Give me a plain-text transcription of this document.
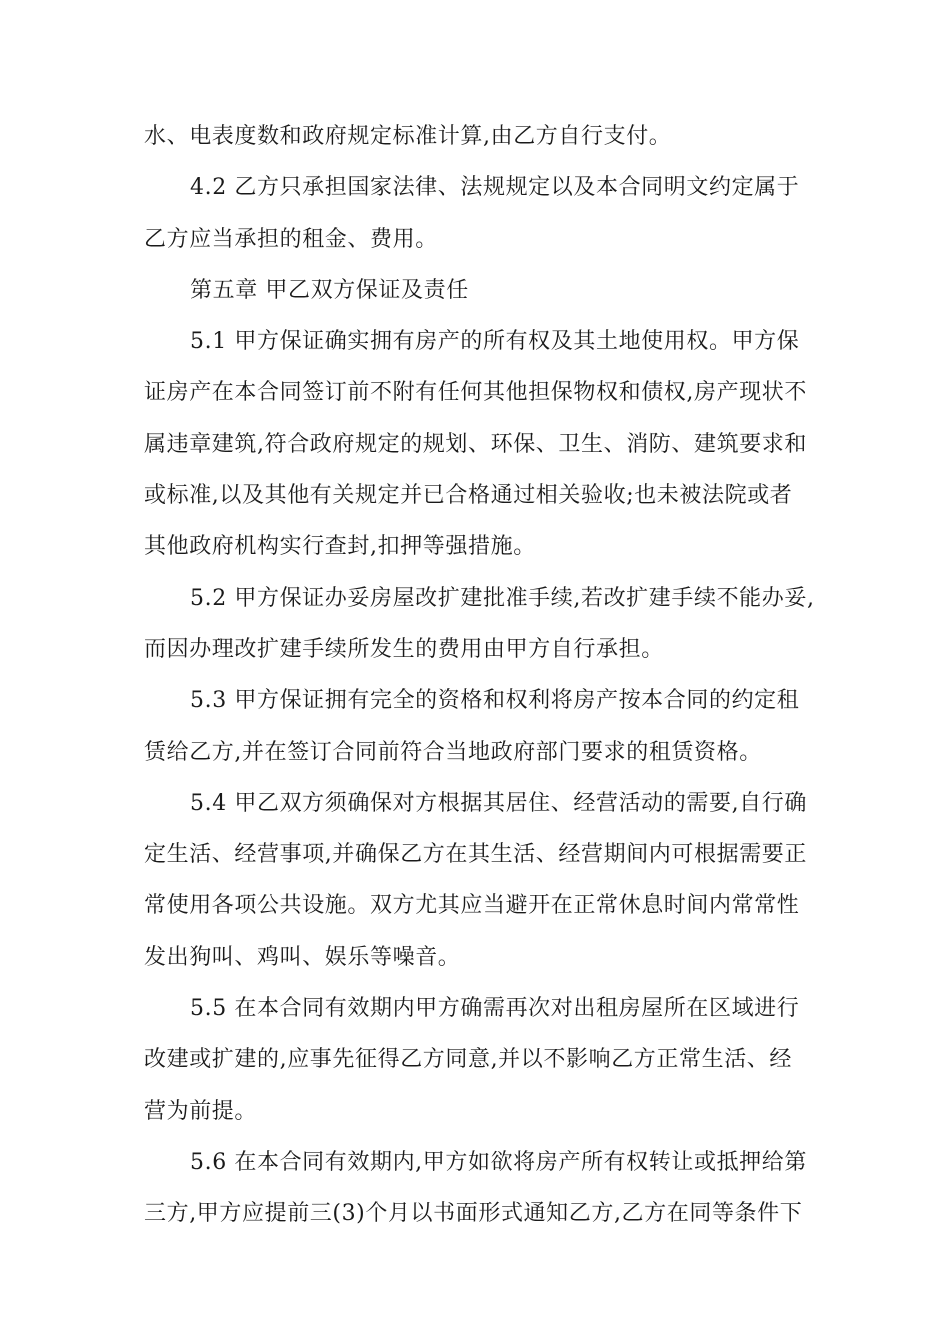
水、电表度数和政府规定标准计算,由乙方自行支付。
4.2 乙方只承担国家法律、法规规定以及本合同明文约定属于
乙方应当承担的租金、费用。
第五章 甲乙双方保证及责任
5.1 甲方保证确实拥有房产的所有权及其土地使用权。甲方保
证房产在本合同签订前不附有任何其他担保物权和债权,房产现状不
属违章建筑,符合政府规定的规划、环保、卫生、消防、建筑要求和
或标准,以及其他有关规定并已合格通过相关验收;也未被法院或者
其他政府机构实行查封,扣押等强措施。
5.2 甲方保证办妥房屋改扩建批准手续,若改扩建手续不能办妥,
而因办理改扩建手续所发生的费用由甲方自行承担。
5.3 甲方保证拥有完全的资格和权利将房产按本合同的约定租
赁给乙方,并在签订合同前符合当地政府部门要求的租赁资格。
5.4 甲乙双方须确保对方根据其居住、经营活动的需要,自行确
定生活、经营事项,并确保乙方在其生活、经营期间内可根据需要正
常使用各项公共设施。双方尤其应当避开在正常休息时间内常常性
发出狗叫、鸡叫、娱乐等噪音。
5.5 在本合同有效期内甲方确需再次对出租房屋所在区域进行
改建或扩建的,应事先征得乙方同意,并以不影响乙方正常生活、经
营为前提。
5.6 在本合同有效期内,甲方如欲将房产所有权转让或抵押给第
三方,甲方应提前三(3)个月以书面形式通知乙方,乙方在同等条件下
